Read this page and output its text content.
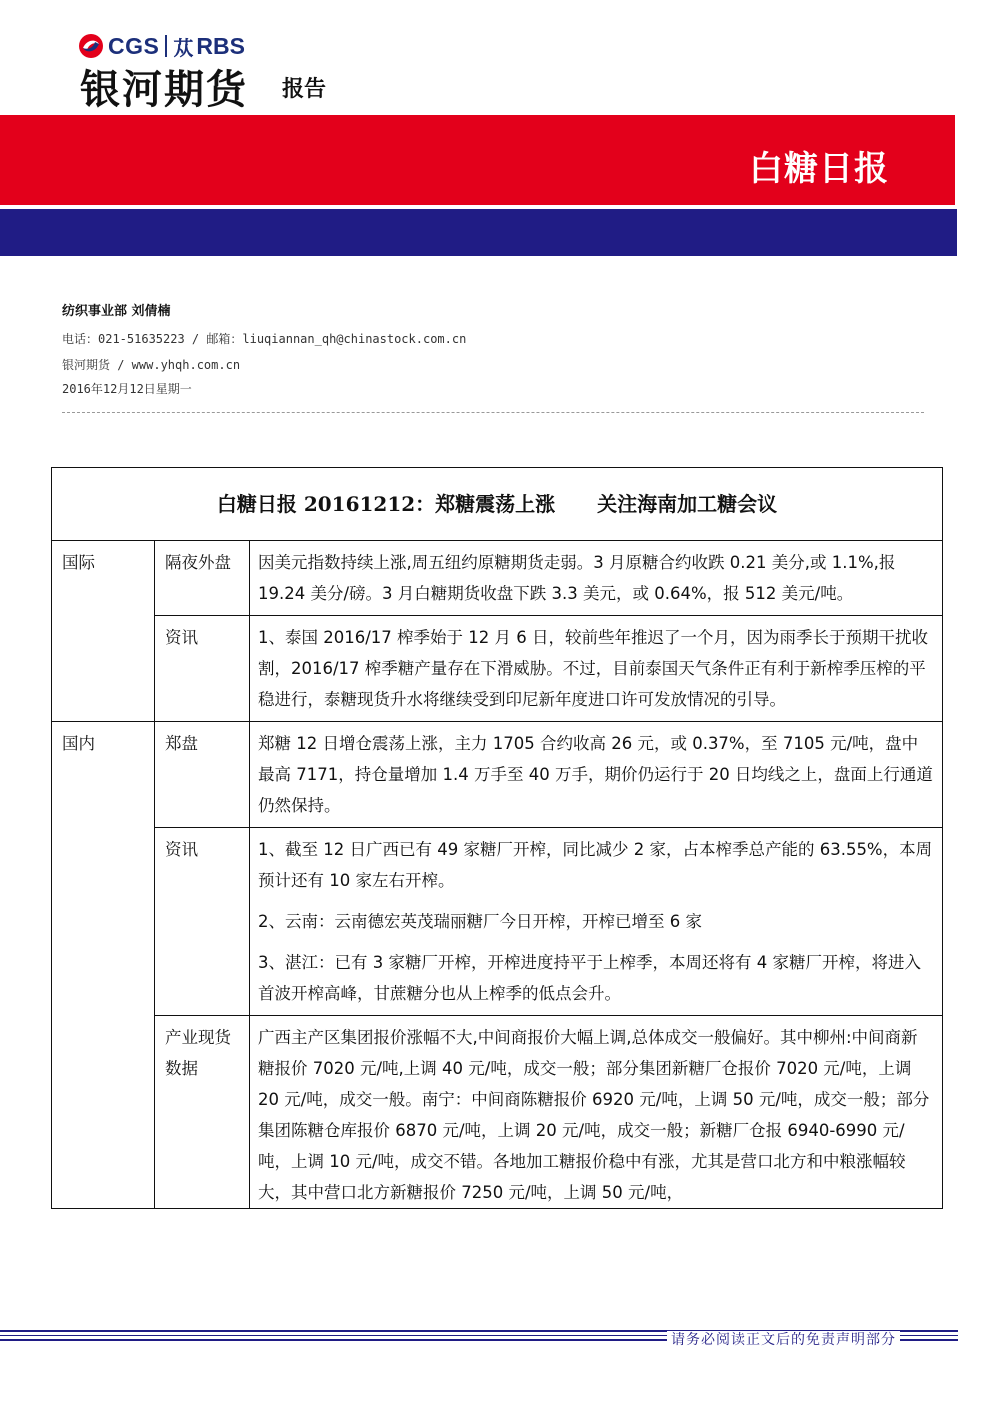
CGS 苁 RBS
银河期货 报告
白糖日报
纺织事业部 刘倩楠
电话：021-51635223 / 邮箱：liuqiannan_qh@chinastock.com.cn
银河期货 / www.yhqh.com.cn
2016年12月12日星期一
白糖日报 20161212：郑糖震荡上涨 关注海南加工糖会议		
国际	隔夜外盘	因美元指数持续上涨,周五纽约原糖期货走弱。3 月原糖合约收跌 0.21 美分,或 1.1%,报 19.24 美分/磅。3 月白糖期货收盘下跌 3.3 美元，或 0.64%，报 512 美元/吨。
	资讯	1、泰国 2016/17 榨季始于 12 月 6 日，较前些年推迟了一个月，因为雨季长于预期干扰收割，2016/17 榨季糖产量存在下滑威胁。不过，目前泰国天气条件正有利于新榨季压榨的平稳进行，泰糖现货升水将继续受到印尼新年度进口许可发放情况的引导。
国内	郑盘	郑糖 12 日增仓震荡上涨，主力 1705 合约收高 26 元，或 0.37%，至 7105 元/吨，盘中最高 7171，持仓量增加 1.4 万手至 40 万手，期价仍运行于 20 日均线之上，盘面上行通道仍然保持。
	资讯	1、截至 12 日广西已有 49 家糖厂开榨，同比减少 2 家，占本榨季总产能的 63.55%，本周预计还有 10 家左右开榨。

2、云南：云南德宏英茂瑞丽糖厂今日开榨，开榨已增至 6 家

3、湛江：已有 3 家糖厂开榨，开榨进度持平于上榨季，本周还将有 4 家糖厂开榨，将进入首波开榨高峰，甘蔗糖分也从上榨季的低点会升。

	产业现货数据	广西主产区集团报价涨幅不大,中间商报价大幅上调,总体成交一般偏好。其中柳州:中间商新糖报价 7020 元/吨,上调 40 元/吨，成交一般；部分集团新糖厂仓报价 7020 元/吨，上调 20 元/吨，成交一般。南宁：中间商陈糖报价 6920 元/吨，上调 50 元/吨，成交一般；部分集团陈糖仓库报价 6870 元/吨，上调 20 元/吨，成交一般；新糖厂仓报 6940-6990 元/吨，上调 10 元/吨，成交不错。各地加工糖报价稳中有涨，尤其是营口北方和中粮涨幅较大，其中营口北方新糖报价 7250 元/吨，上调 50 元/吨，
请务必阅读正文后的免责声明部分
